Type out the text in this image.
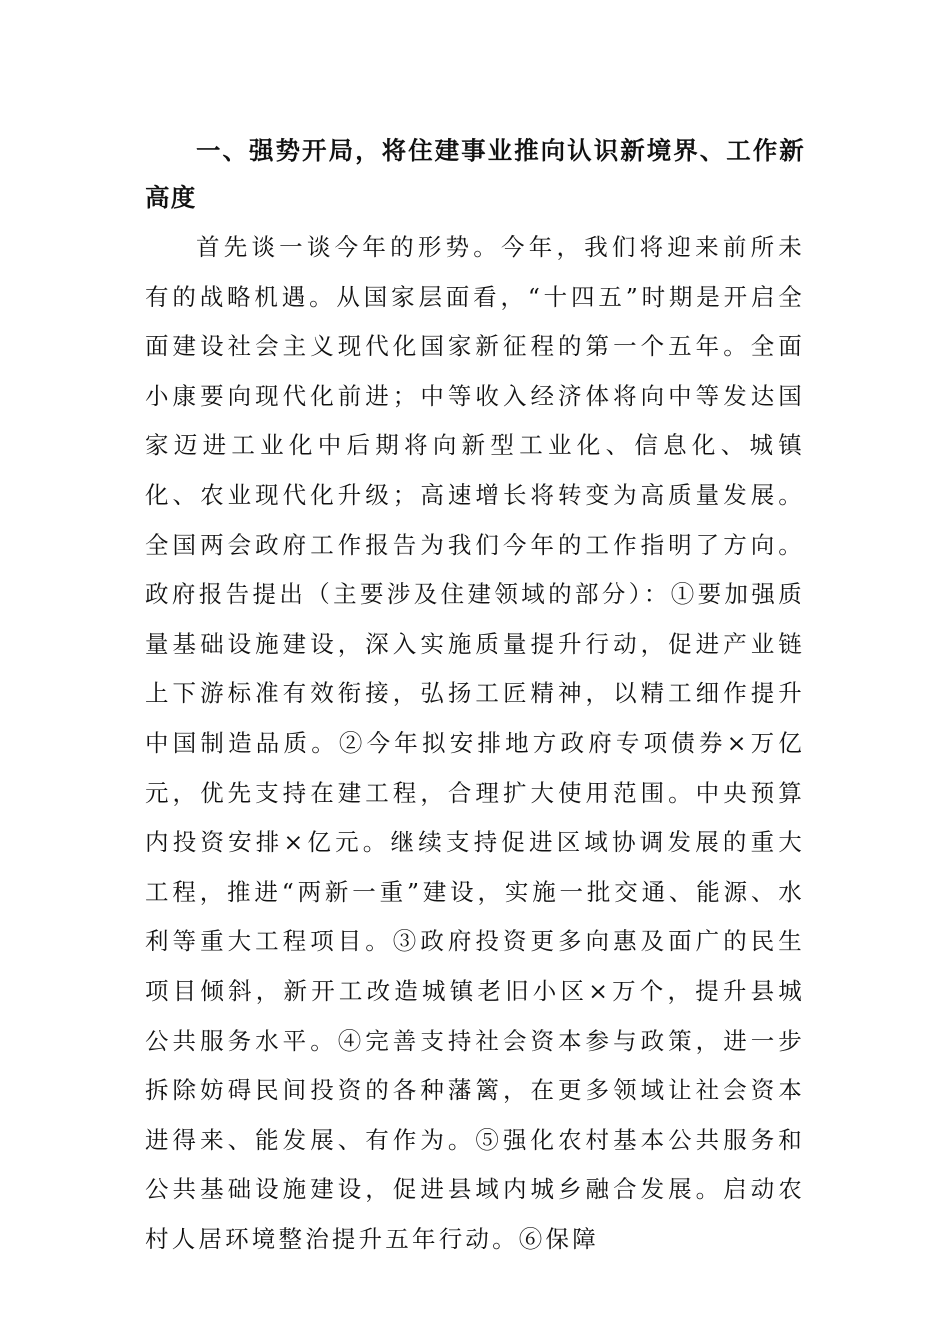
一、强势开局，将住建事业推向认识新境界、工作新高度

首先谈一谈今年的形势。今年，我们将迎来前所未有的战略机遇。从国家层面看，“十四五”时期是开启全面建设社会主义现代化国家新征程的第一个五年。全面小康要向现代化前进；中等收入经济体将向中等发达国家迈进工业化中后期将向新型工业化、信息化、城镇化、农业现代化升级；高速增长将转变为高质量发展。全国两会政府工作报告为我们今年的工作指明了方向。政府报告提出（主要涉及住建领域的部分）：①要加强质量基础设施建设，深入实施质量提升行动，促进产业链上下游标准有效衔接，弘扬工匠精神，以精工细作提升中国制造品质。②今年拟安排地方政府专项债券×万亿元，优先支持在建工程，合理扩大使用范围。中央预算内投资安排×亿元。继续支持促进区域协调发展的重大工程，推进“两新一重”建设，实施一批交通、能源、水利等重大工程项目。③政府投资更多向惠及面广的民生项目倾斜，新开工改造城镇老旧小区×万个，提升县城公共服务水平。④完善支持社会资本参与政策，进一步拆除妨碍民间投资的各种藩篱，在更多领域让社会资本进得来、能发展、有作为。⑤强化农村基本公共服务和公共基础设施建设，促进县域内城乡融合发展。启动农村人居环境整治提升五年行动。⑥保障
